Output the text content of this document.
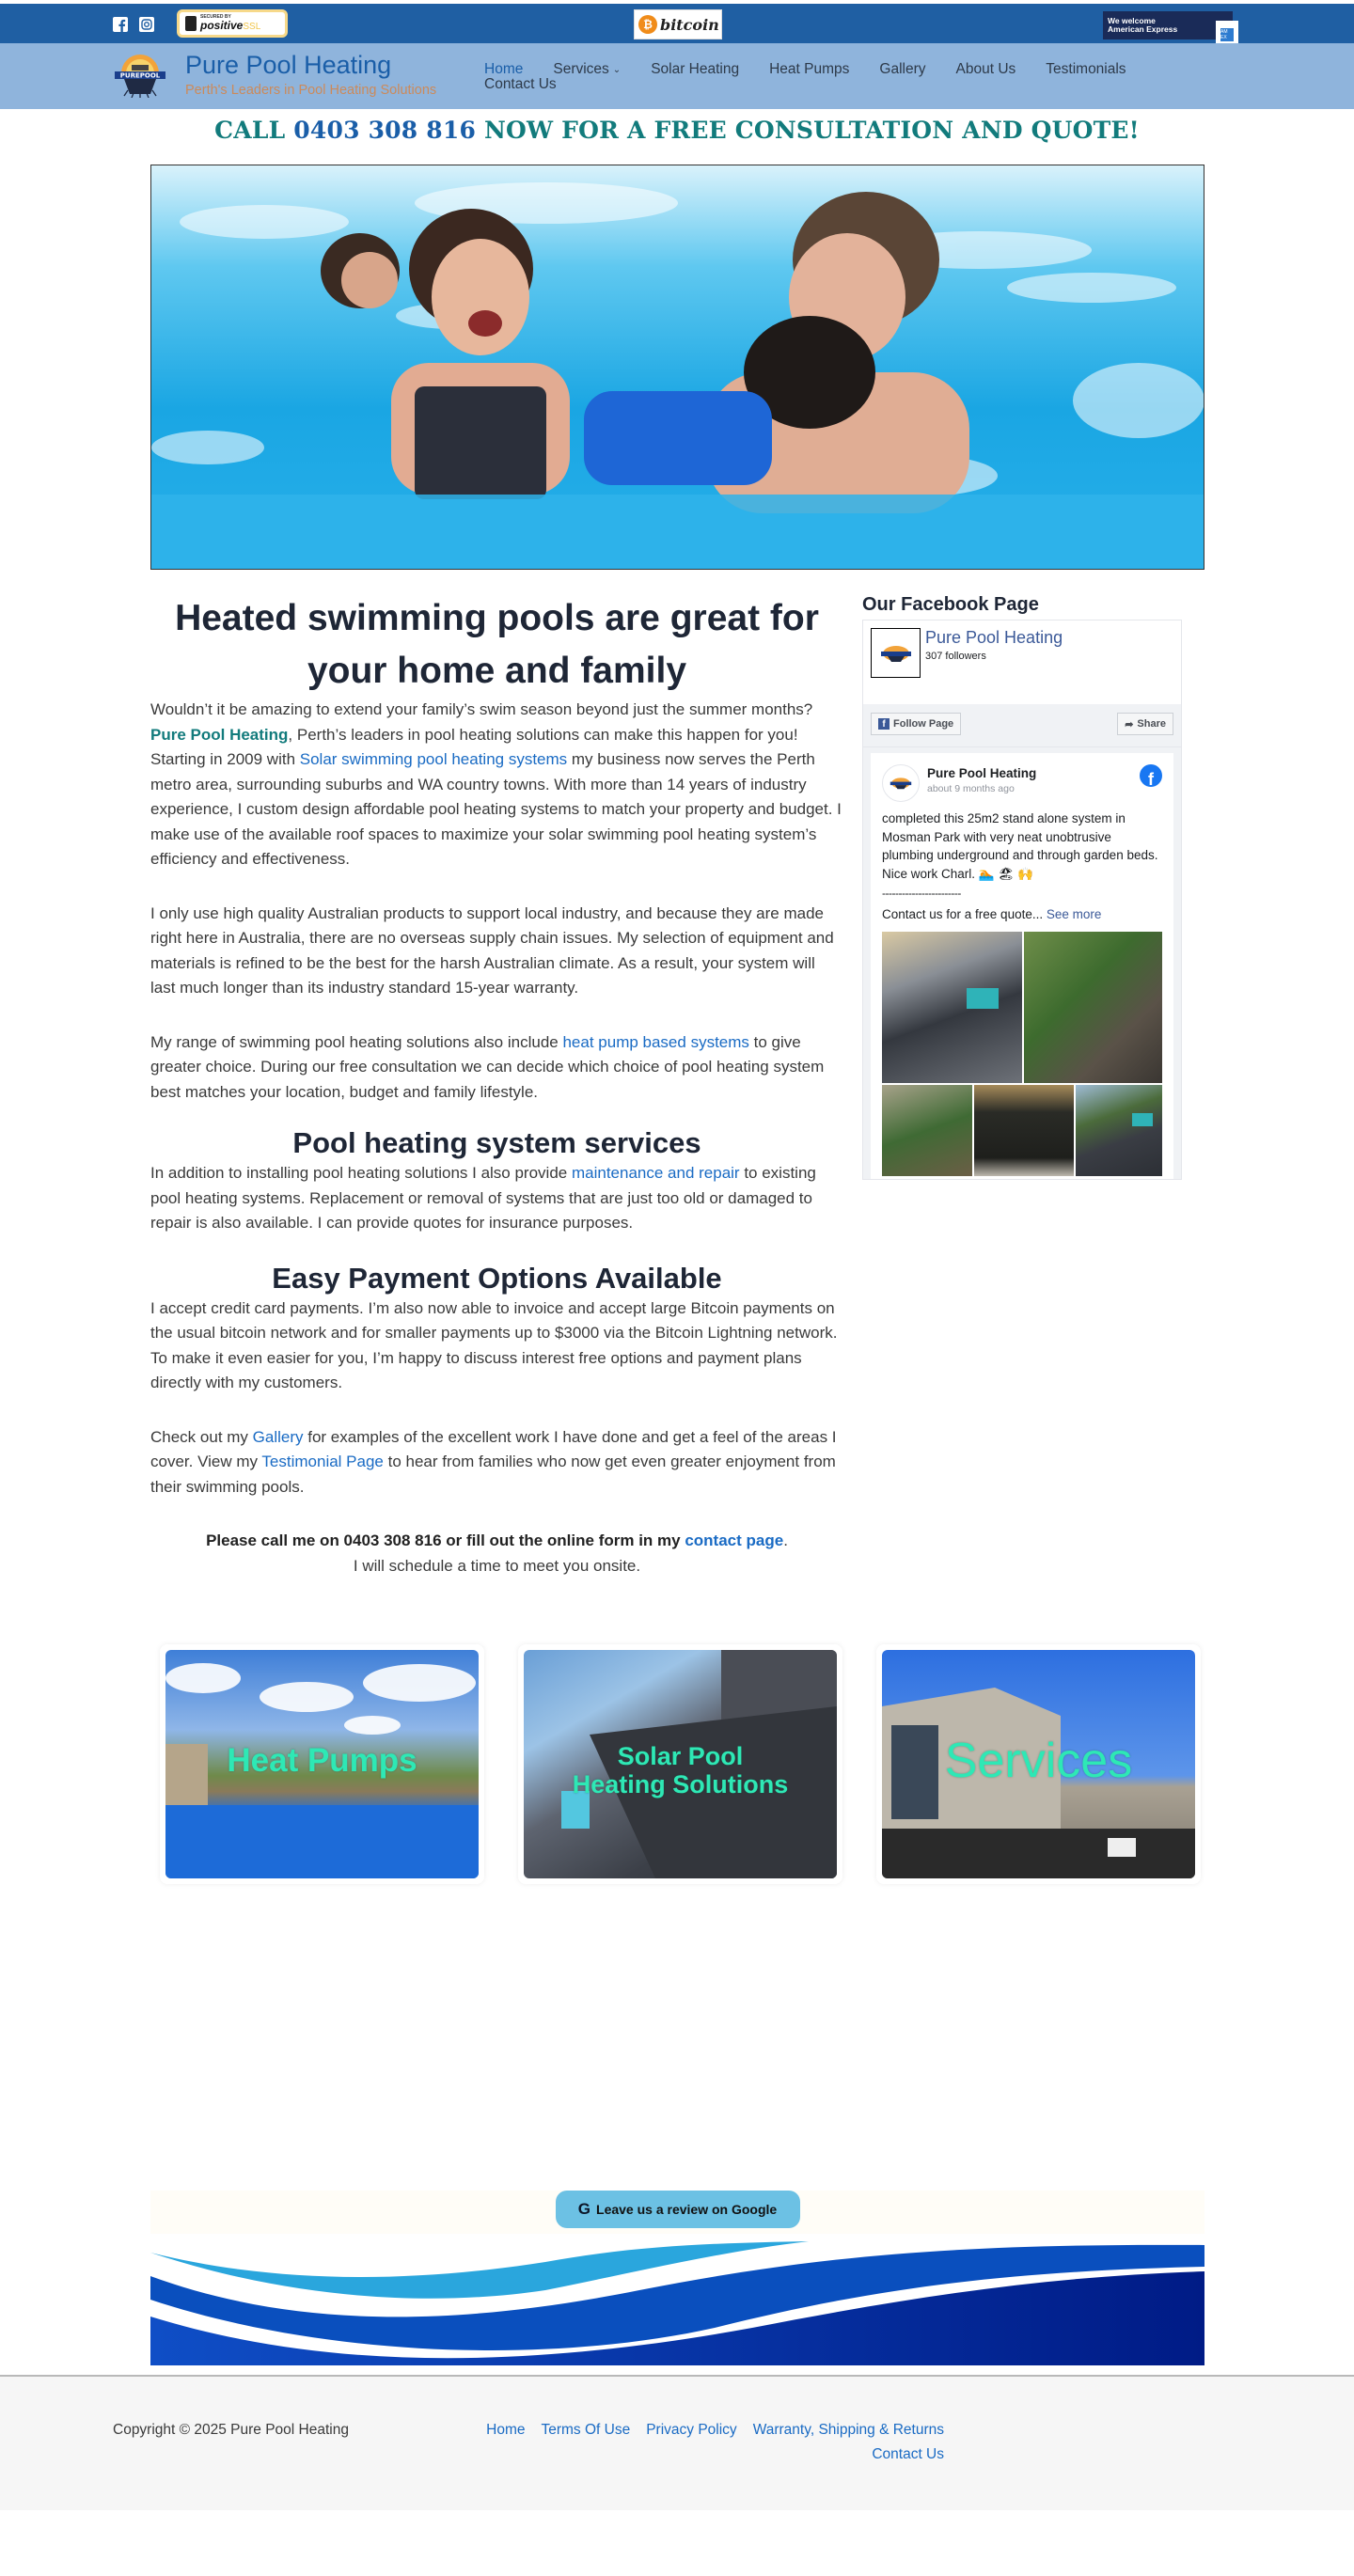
SECURED BY
positiveSSL	₿ bitcoin	We welcome
American Express	AM EX
PUREPOOL Pure Pool Heating
Perth's Leaders in Pool Heating Solutions
Home Services ⌄ Solar Heating Heat Pumps Gallery About Us Testimonials
Contact Us
CALL 0403 308 816 NOW FOR A FREE CONSULTATION AND QUOTE!
Heated swimming pools are great for your home and family

Wouldn’t it be amazing to extend your family’s swim season beyond just the summer months? Pure Pool Heating, Perth’s leaders in pool heating solutions can make this happen for you!

Starting in 2009 with Solar swimming pool heating systems my business now serves the Perth metro area, surrounding suburbs and WA country towns. With more than 14 years of industry experience, I custom design affordable pool heating systems to match your property and budget. I make use of the available roof spaces to maximize your solar swimming pool heating system’s efficiency and effectiveness.

I only use high quality Australian products to support local industry, and because they are made right here in Australia, there are no overseas supply chain issues. My selection of equipment and materials is refined to be the best for the harsh Australian climate. As a result, your system will last much longer than its industry standard 15-year warranty.

My range of swimming pool heating solutions also include heat pump based systems to give greater choice. During our free consultation we can decide which choice of pool heating system best matches your location, budget and family lifestyle.

Pool heating system services

In addition to installing pool heating solutions I also provide maintenance and repair to existing pool heating systems. Replacement or removal of systems that are just too old or damaged to repair is also available. I can provide quotes for insurance purposes.

Easy Payment Options Available

I accept credit card payments. I’m also now able to invoice and accept large Bitcoin payments on the usual bitcoin network and for smaller payments up to $3000 via the Bitcoin Lightning network. To make it even easier for you, I’m happy to discuss interest free options and payment plans directly with my customers.

Check out my Gallery for examples of the excellent work I have done and get a feel of the areas I cover. View my Testimonial Page to hear from families who now get even greater enjoyment from their swimming pools.

Please call me on 0403 308 816 or fill out the online form in my contact page.
I will schedule a time to meet you onsite.
Our Facebook Page
Pure Pool Heating
307 followers
f Follow Page	➦ Share
Pure Pool Heating
about 9 months ago	f
completed this 25m2 stand alone system in Mosman Park with very neat unobtrusive plumbing underground and through garden beds. Nice work Charl. 🏊 🏖 🙌
------------------------
Contact us for a free quote... See more
Heat Pumps	Solar Pool
Heating Solutions	Services
G Leave us a review on Google
Copyright © 2025 Pure Pool Heating	Home Terms Of Use Privacy Policy Warranty, Shipping & Returns
Contact Us
